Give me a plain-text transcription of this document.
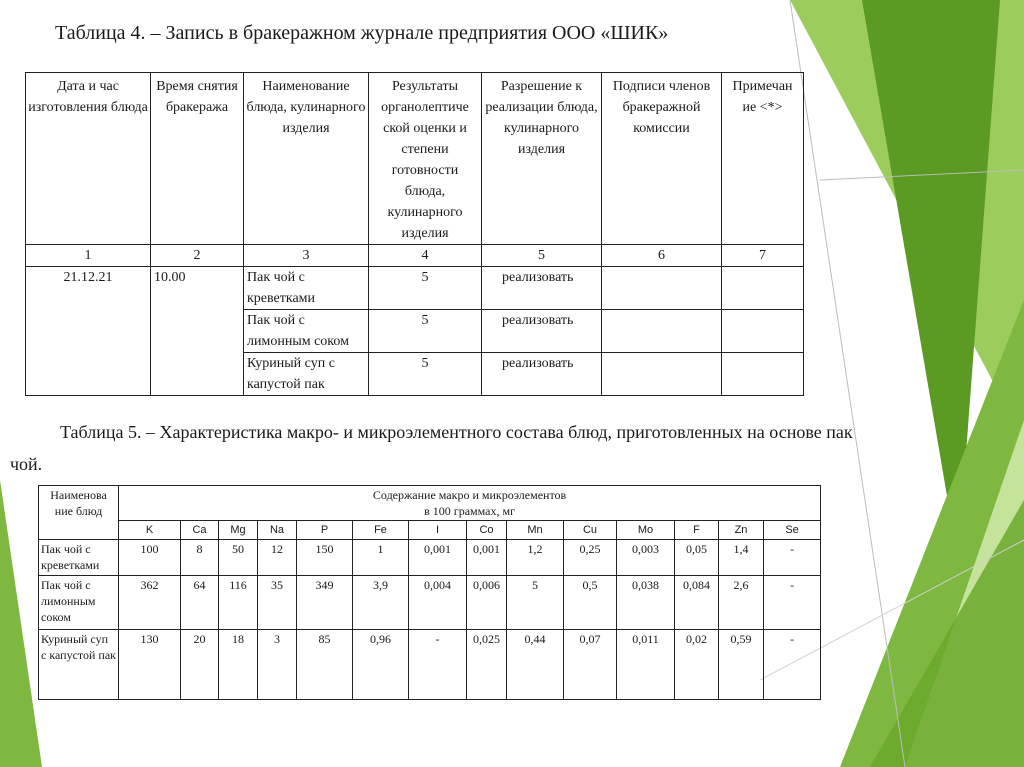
Таблица 4. – Запись в бракеражном журнале предприятия ООО «ШИК»
Дата и час изготовления блюда	Время снятия бракеража	Наименование блюда, кулинарного изделия	Результаты органолептиче ской оценки и степени готовности блюда, кулинарного изделия	Разрешение к реализации блюда, кулинарного изделия	Подписи членов бракеражной комиссии	Примечан ие <*>
1	2	3	4	5	6	7
21.12.21	10.00	Пак чой с креветками	5	реализовать		
		Пак чой с лимонным соком	5	реализовать		
		Куриный суп с капустой пак	5	реализовать		
Таблица 5. – Характеристика макро- и микроэлементного состава блюд, приготовленных на основе пак чой.
Наименова ние блюд	Содержание макро и микроэлементов
в 100 граммах, мг													

	K	Ca	Mg	Na	P	Fe	I	Co	Mn	Cu	Mo	F	Zn	Se
Пак чой с креветками	100	8	50	12	150	1	0,001	0,001	1,2	0,25	0,003	0,05	1,4	-
Пак чой с лимонным соком	362	64	116	35	349	3,9	0,004	0,006	5	0,5	0,038	0,084	2,6	-
Куриный суп с капустой пак	130	20	18	3	85	0,96	-	0,025	0,44	0,07	0,011	0,02	0,59	-
